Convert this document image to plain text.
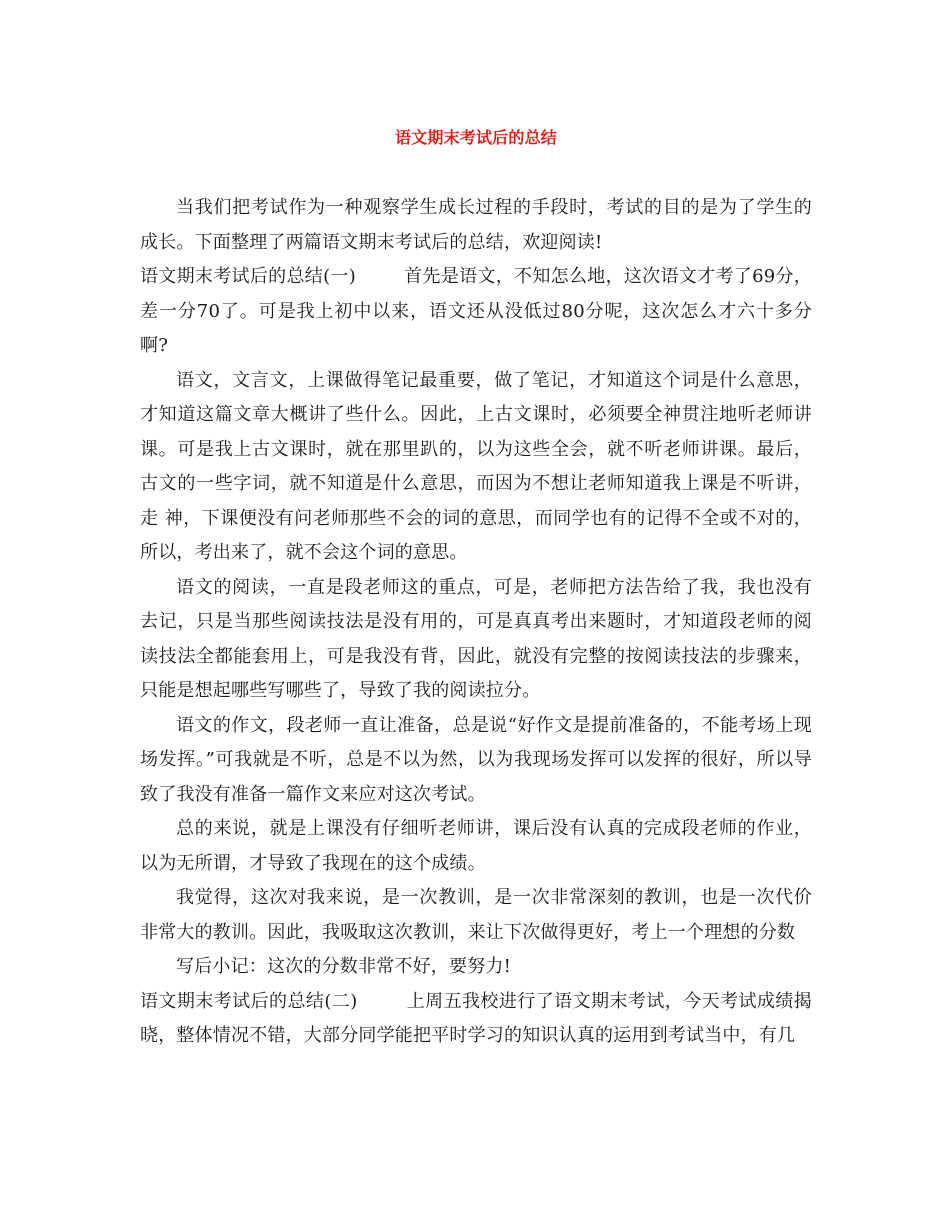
语文期末考试后的总结

当我们把考试作为一种观察学生成长过程的手段时，考试的目的是为了学生的成长。下面整理了两篇语文期末考试后的总结，欢迎阅读!

语文期末考试后的总结(一)	首先是语文，不知怎么地，这次语文才考了69分，差一分70了。可是我上初中以来，语文还从没低过80分呢，这次怎么才六十多分啊?

语文，文言文，上课做得笔记最重要，做了笔记，才知道这个词是什么意思，才知道这篇文章大概讲了些什么。因此，上古文课时，必须要全神贯注地听老师讲课。可是我上古文课时，就在那里趴的，以为这些全会，就不听老师讲课。最后，古文的一些字词，就不知道是什么意思，而因为不想让老师知道我上课是不听讲，走 神，下课便没有问老师那些不会的词的意思，而同学也有的记得不全或不对的，所以，考出来了，就不会这个词的意思。

语文的阅读，一直是段老师这的重点，可是，老师把方法告给了我，我也没有去记，只是当那些阅读技法是没有用的，可是真真考出来题时，才知道段老师的阅读技法全都能套用上，可是我没有背，因此，就没有完整的按阅读技法的步骤来，只能是想起哪些写哪些了，导致了我的阅读拉分。

语文的作文，段老师一直让准备，总是说“好作文是提前准备的，不能考场上现场发挥。”可我就是不听，总是不以为然，以为我现场发挥可以发挥的很好，所以导致了我没有准备一篇作文来应对这次考试。

总的来说，就是上课没有仔细听老师讲，课后没有认真的完成段老师的作业，以为无所谓，才导致了我现在的这个成绩。

我觉得，这次对我来说，是一次教训，是一次非常深刻的教训，也是一次代价非常大的教训。因此，我吸取这次教训，来让下次做得更好，考上一个理想的分数

写后小记：这次的分数非常不好，要努力!

语文期末考试后的总结(二)	上周五我校进行了语文期末考试，今天考试成绩揭晓，整体情况不错，大部分同学能把平时学习的知识认真的运用到考试当中，有几
